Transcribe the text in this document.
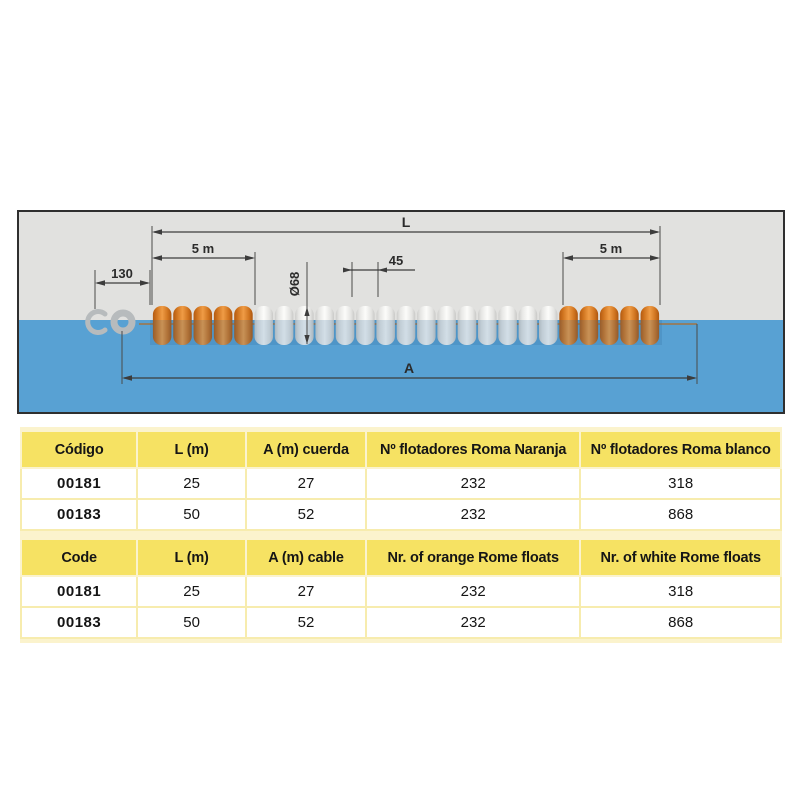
L
5 m	5 m
130	Ø68
45
A
Código	L (m)	A (m) cuerda	Nº flotadores Roma Naranja	Nº flotadores Roma blanco
00181	25	27	232	318
00183	50	52	232	868
Code	L (m)	A (m) cable	Nr. of orange Rome floats	Nr. of white Rome floats
00181	25	27	232	318
00183	50	52	232	868
